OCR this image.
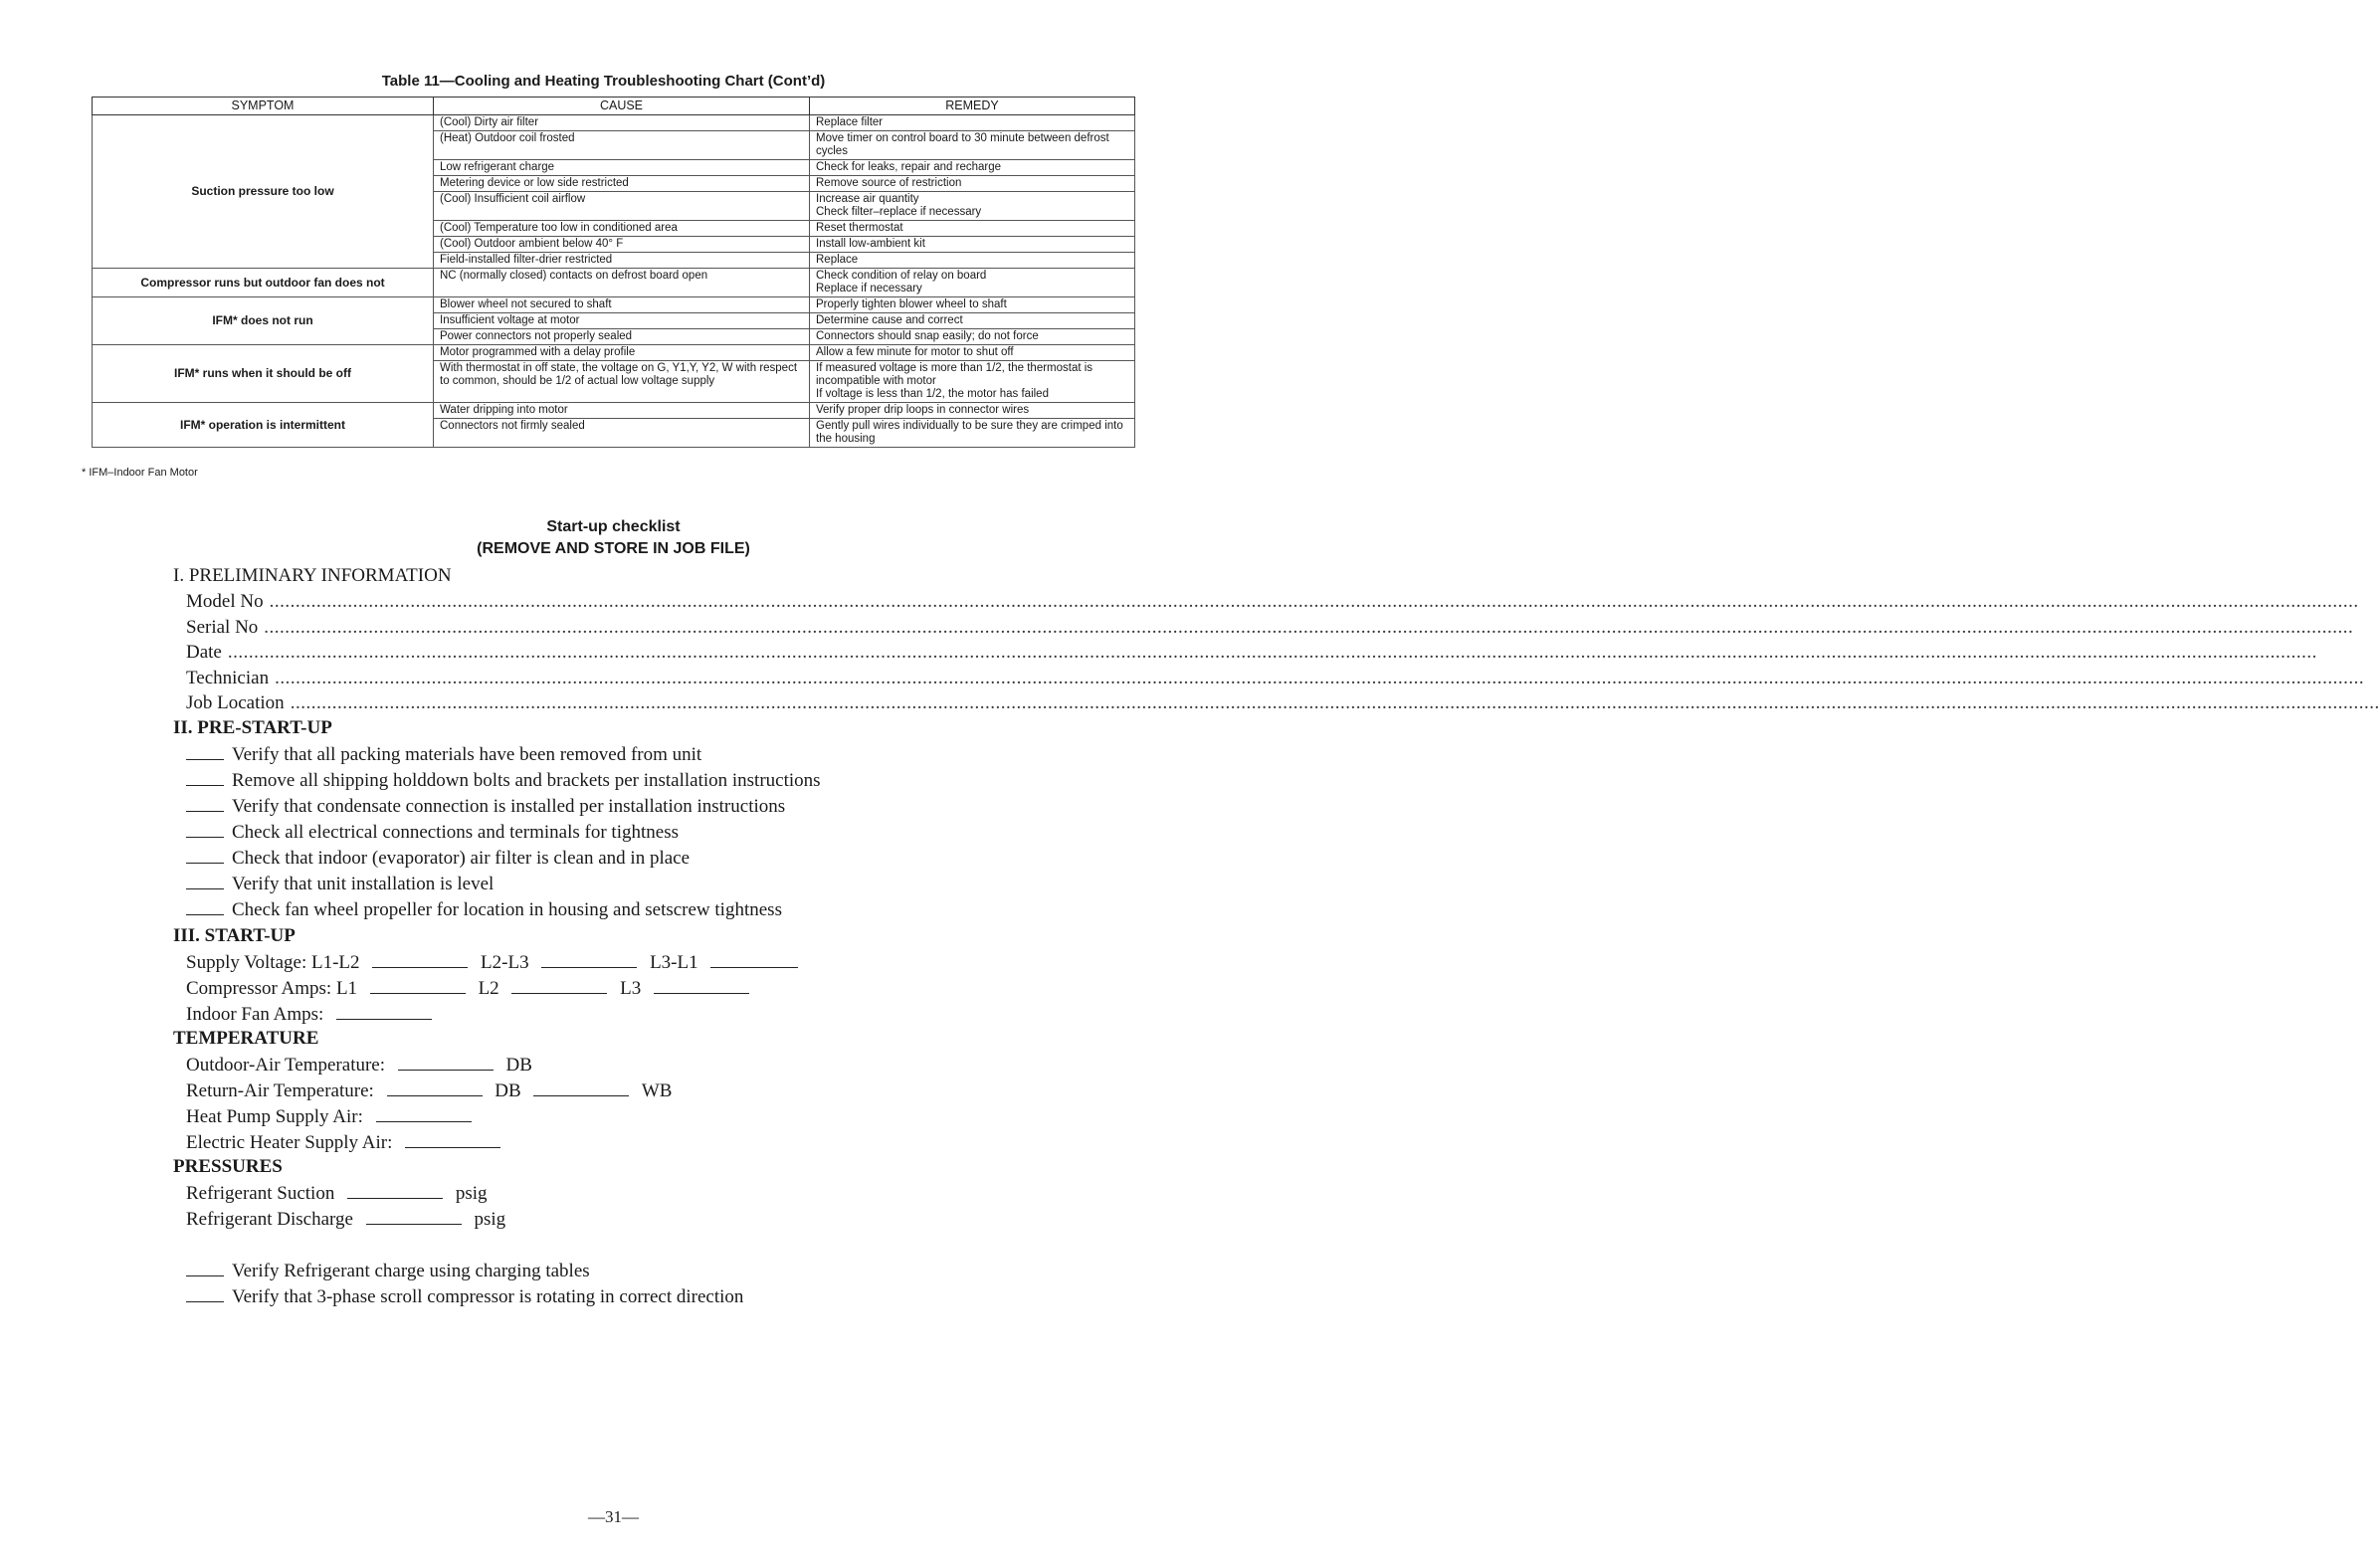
Table 11—Cooling and Heating Troubleshooting Chart (Cont’d)
SYMPTOM	CAUSE	REMEDY
Suction pressure too low	(Cool) Dirty air filter	Replace filter
	(Heat) Outdoor coil frosted	Move timer on control board to 30 minute between defrost cycles
	Low refrigerant charge	Check for leaks, repair and recharge
	Metering device or low side restricted	Remove source of restriction
	(Cool) Insufficient coil airflow	Increase air quantity
Check filter–replace if necessary
	(Cool) Temperature too low in conditioned area	Reset thermostat
	(Cool) Outdoor ambient below 40° F	Install low-ambient kit
	Field-installed filter-drier restricted	Replace
Compressor runs but outdoor fan does not	NC (normally closed) contacts on defrost board open	Check condition of relay on board
Replace if necessary
IFM* does not run	Blower wheel not secured to shaft	Properly tighten blower wheel to shaft
	Insufficient voltage at motor	Determine cause and correct
	Power connectors not properly sealed	Connectors should snap easily; do not force
IFM* runs when it should be off	Motor programmed with a delay profile	Allow a few minute for motor to shut off
	With thermostat in off state, the voltage on G, Y1,Y, Y2, W with respect to common, should be 1/2 of actual low voltage supply	If measured voltage is more than 1/2, the thermostat is incompatible with motor
If voltage is less than 1/2, the motor has failed
IFM* operation is intermittent	Water dripping into motor	Verify proper drip loops in connector wires
	Connectors not firmly sealed	Gently pull wires individually to be sure they are crimped into the housing
* IFM–Indoor Fan Motor
Start-up checklist
(REMOVE AND STORE IN JOB FILE)
I. PRELIMINARY INFORMATION
Model No ................................................................................................................................................................................................................................................................................................................................................................................................................
Serial No ................................................................................................................................................................................................................................................................................................................................................................................................................
Date ................................................................................................................................................................................................................................................................................................................................................................................................................
Technician ................................................................................................................................................................................................................................................................................................................................................................................................................
Job Location ................................................................................................................................................................................................................................................................................................................................................................................................................
II. PRE-START-UP
Verify that all packing materials have been removed from unit
Remove all shipping holddown bolts and brackets per installation instructions
Verify that condensate connection is installed per installation instructions
Check all electrical connections and terminals for tightness
Check that indoor (evaporator) air filter is clean and in place
Verify that unit installation is level
Check fan wheel propeller for location in housing and setscrew tightness
III. START-UP
Supply Voltage: L1-L2	L2-L3	L3-L1
Compressor Amps: L1	L2	L3
Indoor Fan Amps:
TEMPERATURE
Outdoor-Air Temperature:	DB
Return-Air Temperature:	DB	WB
Heat Pump Supply Air:
Electric Heater Supply Air:
PRESSURES
Refrigerant Suction	psig
Refrigerant Discharge	psig
Verify Refrigerant charge using charging tables
Verify that 3-phase scroll compressor is rotating in correct direction
—31—
